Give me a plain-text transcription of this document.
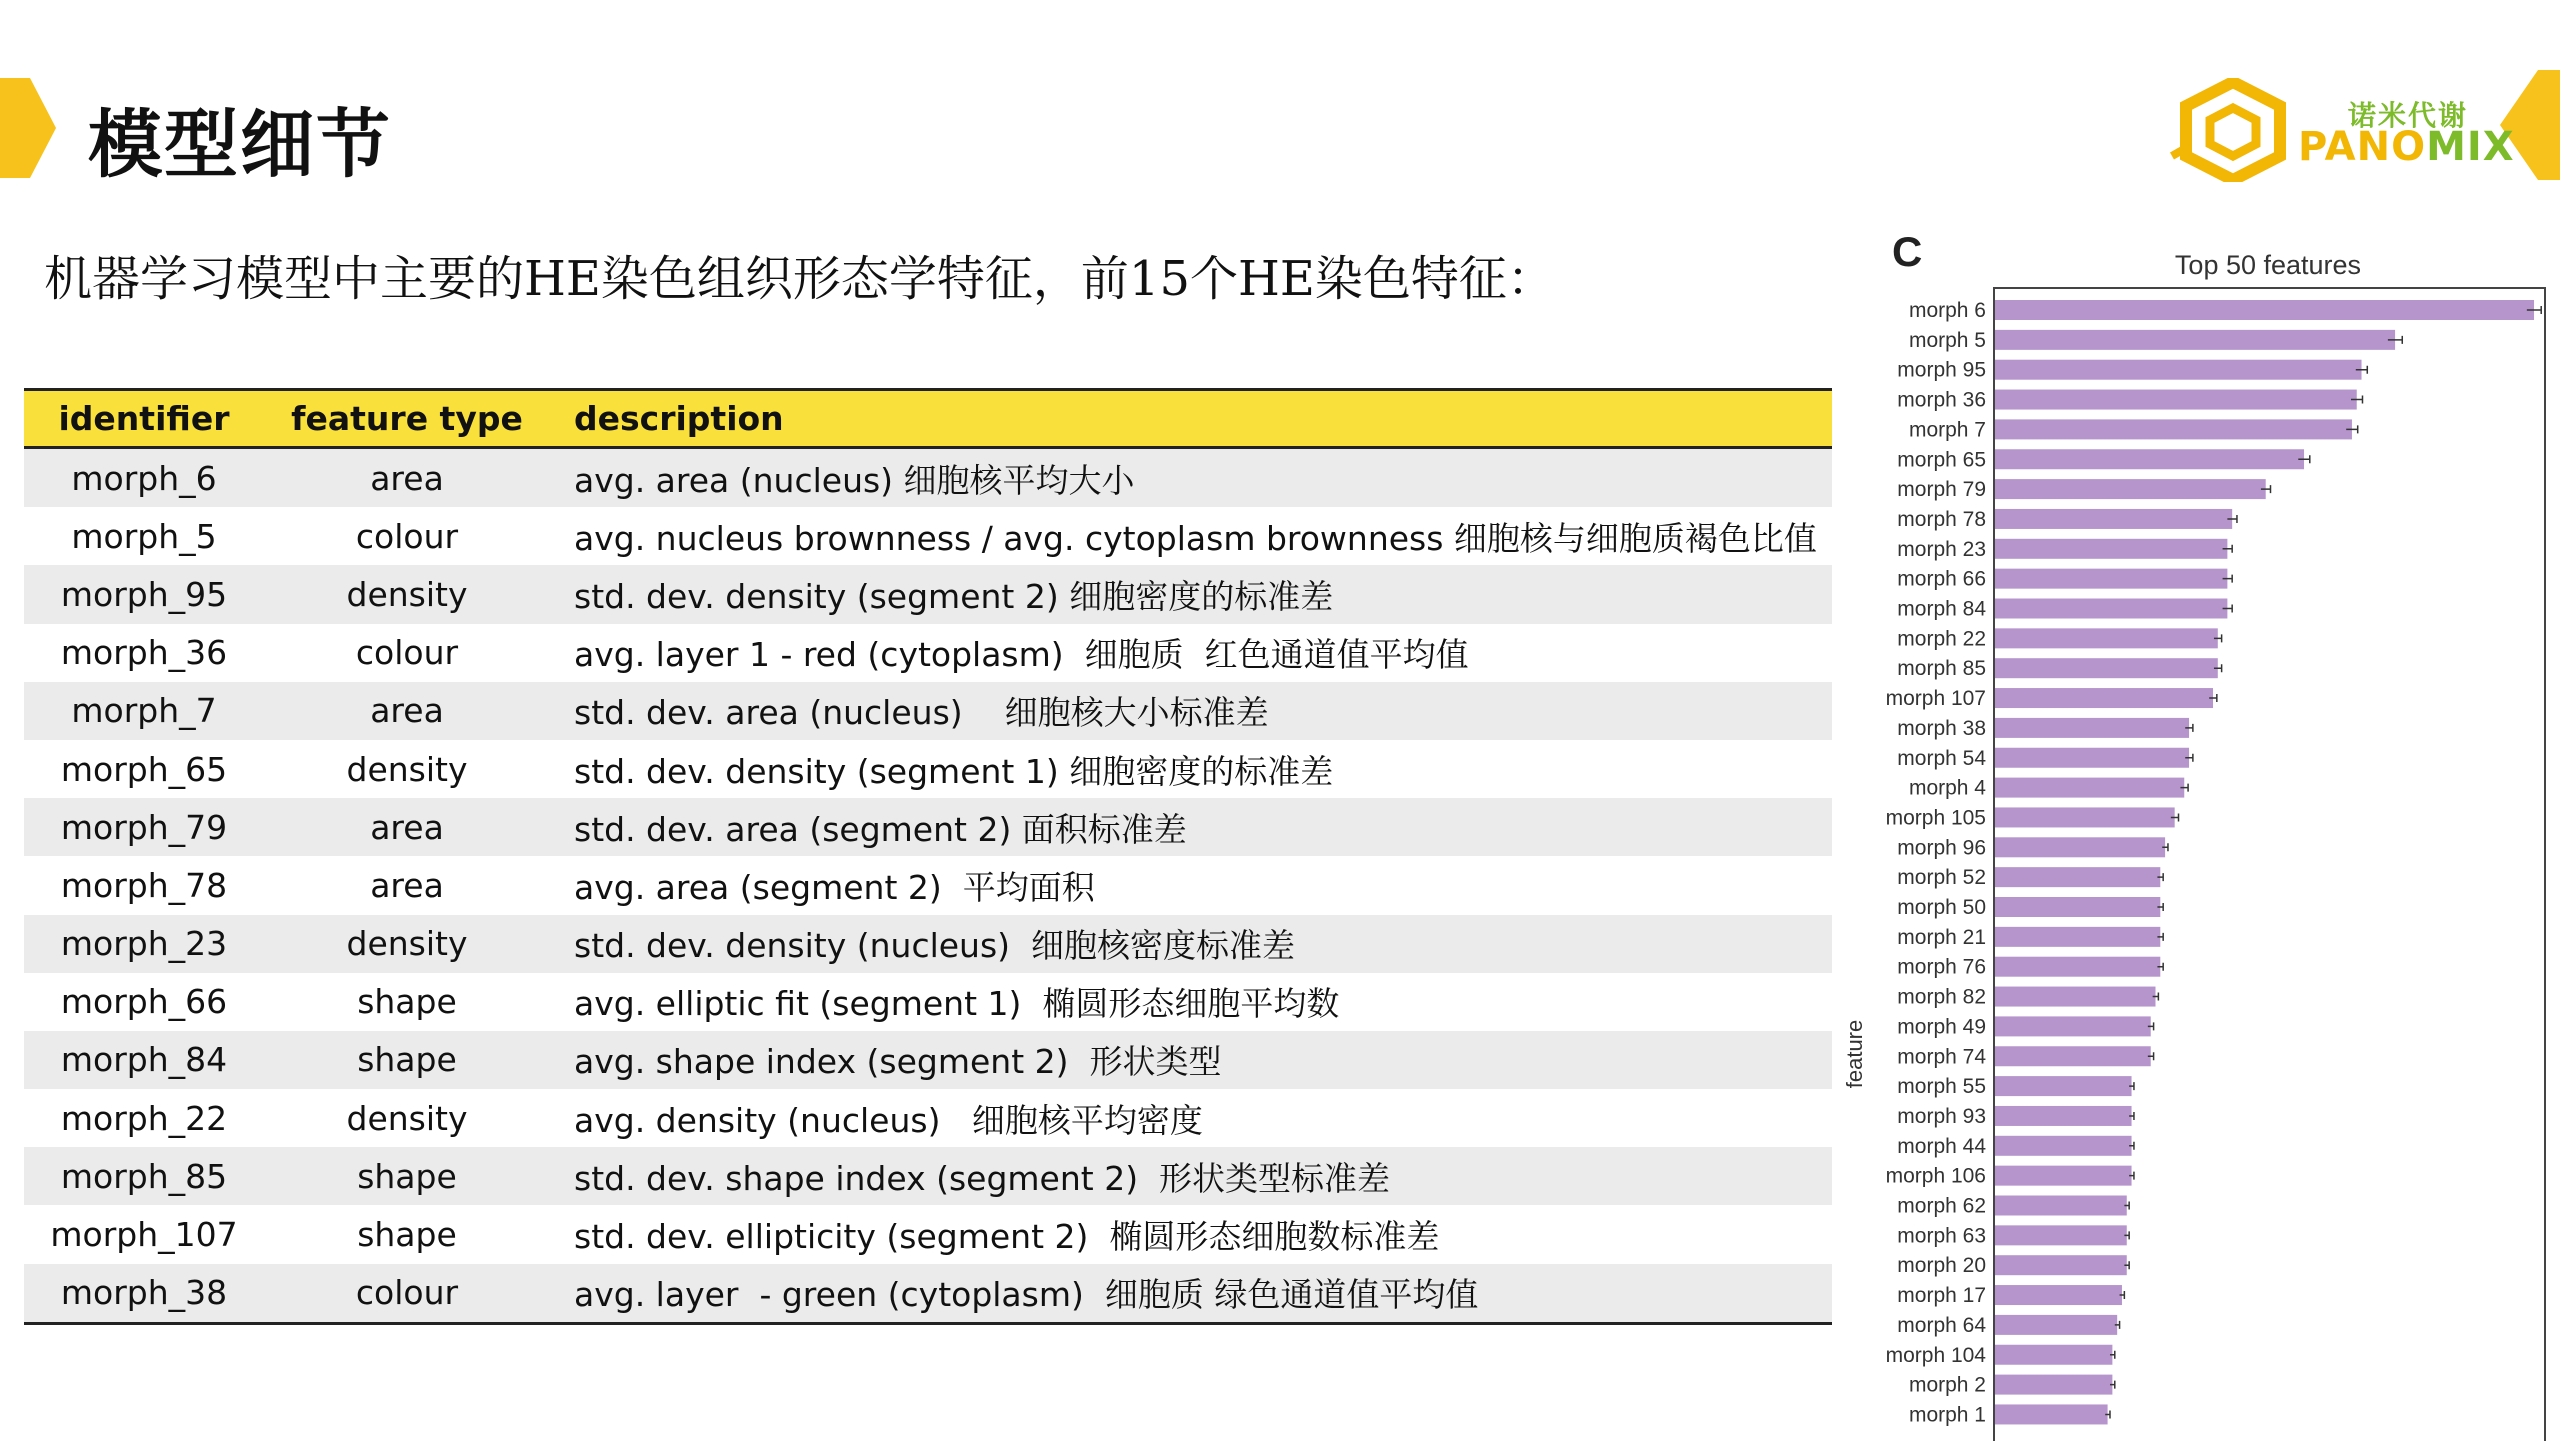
模型细节	诺米代谢
PANOMIX
机器学习模型中主要的HE染色组织形态学特征，前15个HE染色特征：
identifier	feature type	description

morph_6	area	avg. area (nucleus) 细胞核平均大小

morph_5	colour	avg. nucleus brownness / avg. cytoplasm brownness 细胞核与细胞质褐色比值

morph_95	density	std. dev. density (segment 2) 细胞密度的标准差

morph_36	colour	avg. layer 1 - red (cytoplasm)  细胞质  红色通道值平均值

morph_7	area	std. dev. area (nucleus)    细胞核大小标准差

morph_65	density	std. dev. density (segment 1) 细胞密度的标准差

morph_79	area	std. dev. area (segment 2) 面积标准差

morph_78	area	avg. area (segment 2)  平均面积

morph_23	density	std. dev. density (nucleus)  细胞核密度标准差

morph_66	shape	avg. elliptic fit (segment 1)  椭圆形态细胞平均数

morph_84	shape	avg. shape index (segment 2)  形状类型

morph_22	density	avg. density (nucleus)   细胞核平均密度

morph_85	shape	std. dev. shape index (segment 2)  形状类型标准差

morph_107	shape	std. dev. ellipticity (segment 2)  椭圆形态细胞数标准差

morph_38	colour	avg. layer  - green (cytoplasm)  细胞质 绿色通道值平均值
C	Top 50 features
feature
morph 6
morph 5
morph 95
morph 36
morph 7
morph 65
morph 79
morph 78
morph 23
morph 66
morph 84
morph 22
morph 85
morph 107
morph 38
morph 54
morph 4
morph 105
morph 96
morph 52
morph 50
morph 21
morph 76
morph 82
morph 49
morph 74
morph 55
morph 93
morph 44
morph 106
morph 62
morph 63
morph 20
morph 17
morph 64
morph 104
morph 2
morph 1
